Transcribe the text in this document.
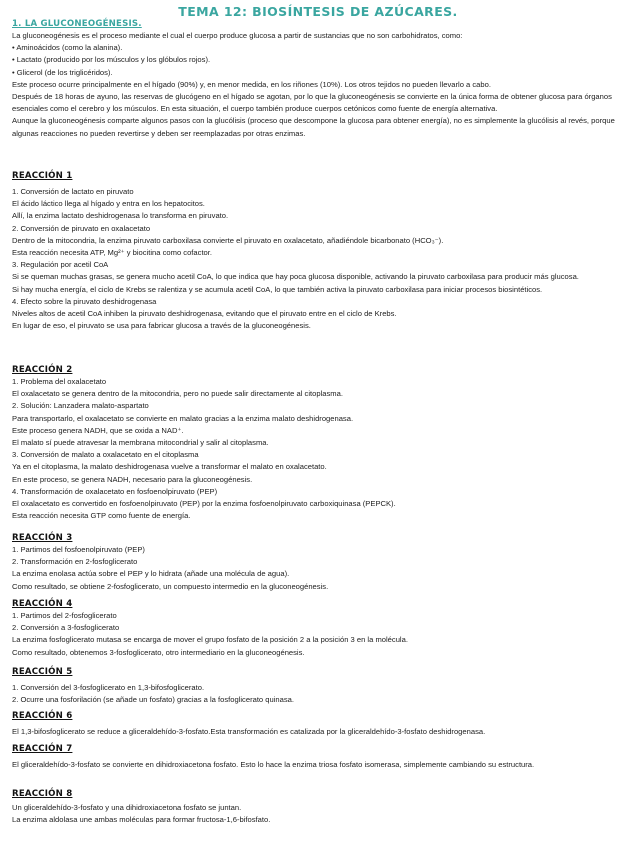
TEMA 12: BIOSÍNTESIS DE AZÚCARES.
1. LA GLUCONEOGÉNESIS.
La gluconeogénesis es el proceso mediante el cual el cuerpo produce glucosa a partir de sustancias que no son carbohidratos, como:
• Aminoácidos (como la alanina).
• Lactato (producido por los músculos y los glóbulos rojos).
• Glicerol (de los triglicéridos).
Este proceso ocurre principalmente en el hígado (90%) y, en menor medida, en los riñones (10%). Los otros tejidos no pueden llevarlo a cabo.
Después de 18 horas de ayuno, las reservas de glucógeno en el hígado se agotan, por lo que la gluconeogénesis se convierte en la única forma de obtener glucosa para órganos esenciales como el cerebro y los músculos. En esta situación, el cuerpo también produce cuerpos cetónicos como fuente de energía alternativa.
Aunque la gluconeogénesis comparte algunos pasos con la glucólisis (proceso que descompone la glucosa para obtener energía), no es simplemente la glucólisis al revés, porque algunas reacciones no pueden revertirse y deben ser reemplazadas por otras enzimas.
REACCIÓN 1
1. Conversión de lactato en piruvato
El ácido láctico llega al hígado y entra en los hepatocitos.
Allí, la enzima lactato deshidrogenasa lo transforma en piruvato.
2. Conversión de piruvato en oxalacetato
Dentro de la mitocondria, la enzima piruvato carboxilasa convierte el piruvato en oxalacetato, añadiéndole bicarbonato (HCO₃⁻).
Esta reacción necesita ATP, Mg²⁺ y biocitina como cofactor.
3. Regulación por acetil CoA
Si se queman muchas grasas, se genera mucho acetil CoA, lo que indica que hay poca glucosa disponible, activando la piruvato carboxilasa para producir más glucosa.
Si hay mucha energía, el ciclo de Krebs se ralentiza y se acumula acetil CoA, lo que también activa la piruvato carboxilasa para iniciar procesos biosintéticos.
4. Efecto sobre la piruvato deshidrogenasa
Niveles altos de acetil CoA inhiben la piruvato deshidrogenasa, evitando que el piruvato entre en el ciclo de Krebs.
En lugar de eso, el piruvato se usa para fabricar glucosa a través de la gluconeogénesis.
REACCIÓN 2
1. Problema del oxalacetato
El oxalacetato se genera dentro de la mitocondria, pero no puede salir directamente al citoplasma.
2. Solución: Lanzadera malato-aspartato
Para transportarlo, el oxalacetato se convierte en malato gracias a la enzima malato deshidrogenasa.
Este proceso genera NADH, que se oxida a NAD⁺.
El malato sí puede atravesar la membrana mitocondrial y salir al citoplasma.
3. Conversión de malato a oxalacetato en el citoplasma
Ya en el citoplasma, la malato deshidrogenasa vuelve a transformar el malato en oxalacetato.
En este proceso, se genera NADH, necesario para la gluconeogénesis.
4. Transformación de oxalacetato en fosfoenolpiruvato (PEP)
El oxalacetato es convertido en fosfoenolpiruvato (PEP) por la enzima fosfoenolpiruvato carboxiquinasa (PEPCK).
Esta reacción necesita GTP como fuente de energía.
REACCIÓN 3
1. Partimos del fosfoenolpiruvato (PEP)
2. Transformación en 2-fosfoglicerato
La enzima enolasa actúa sobre el PEP y lo hidrata (añade una molécula de agua).
Como resultado, se obtiene 2-fosfoglicerato, un compuesto intermedio en la gluconeogénesis.
REACCIÓN 4
1. Partimos del 2-fosfoglicerato
2. Conversión a 3-fosfoglicerato
La enzima fosfoglicerato mutasa se encarga de mover el grupo fosfato de la posición 2 a la posición 3 en la molécula.
Como resultado, obtenemos 3-fosfoglicerato, otro intermediario en la gluconeogénesis.
REACCIÓN 5
1. Conversión del 3-fosfoglicerato en 1,3-bifosfoglicerato.
2. Ocurre una fosforilación (se añade un fosfato) gracias a la fosfoglicerato quinasa.
REACCIÓN 6
El 1,3-bifosfoglicerato se reduce a gliceraldehído-3-fosfato.Esta transformación es catalizada por la gliceraldehído-3-fosfato deshidrogenasa.
REACCIÓN 7
El gliceraldehído-3-fosfato se convierte en dihidroxiacetona fosfato. Esto lo hace la enzima triosa fosfato isomerasa, simplemente cambiando su estructura.
REACCIÓN 8
Un gliceraldehído-3-fosfato y una dihidroxiacetona fosfato se juntan.
La enzima aldolasa une ambas moléculas para formar fructosa-1,6-bifosfato.
